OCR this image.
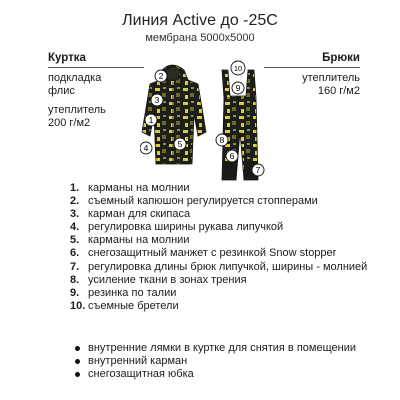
Линия Active до -25С
мембрана 5000х5000
Куртка
подкладка
флис
утеплитель
200 г/м2
Брюки
утеплитель
160 г/м2
1
2
3
4	5
6
7
8
9
10
1. карманы на молнии
2. съемный капюшон регулируется стопперами
3. карман для скипаса
4. регулировка ширины рукава липучкой
5. карманы на молнии
6. снегозащитный манжет с резинкой Snow stopper
7. регулировка длины брюк липучкой, ширины - молнией
8. усиление ткани в зонах трения
9. резинка по талии
10. съемные бретели
внутренние лямки в куртке для снятия в помещении
внутренний карман
снегозащитная юбка
